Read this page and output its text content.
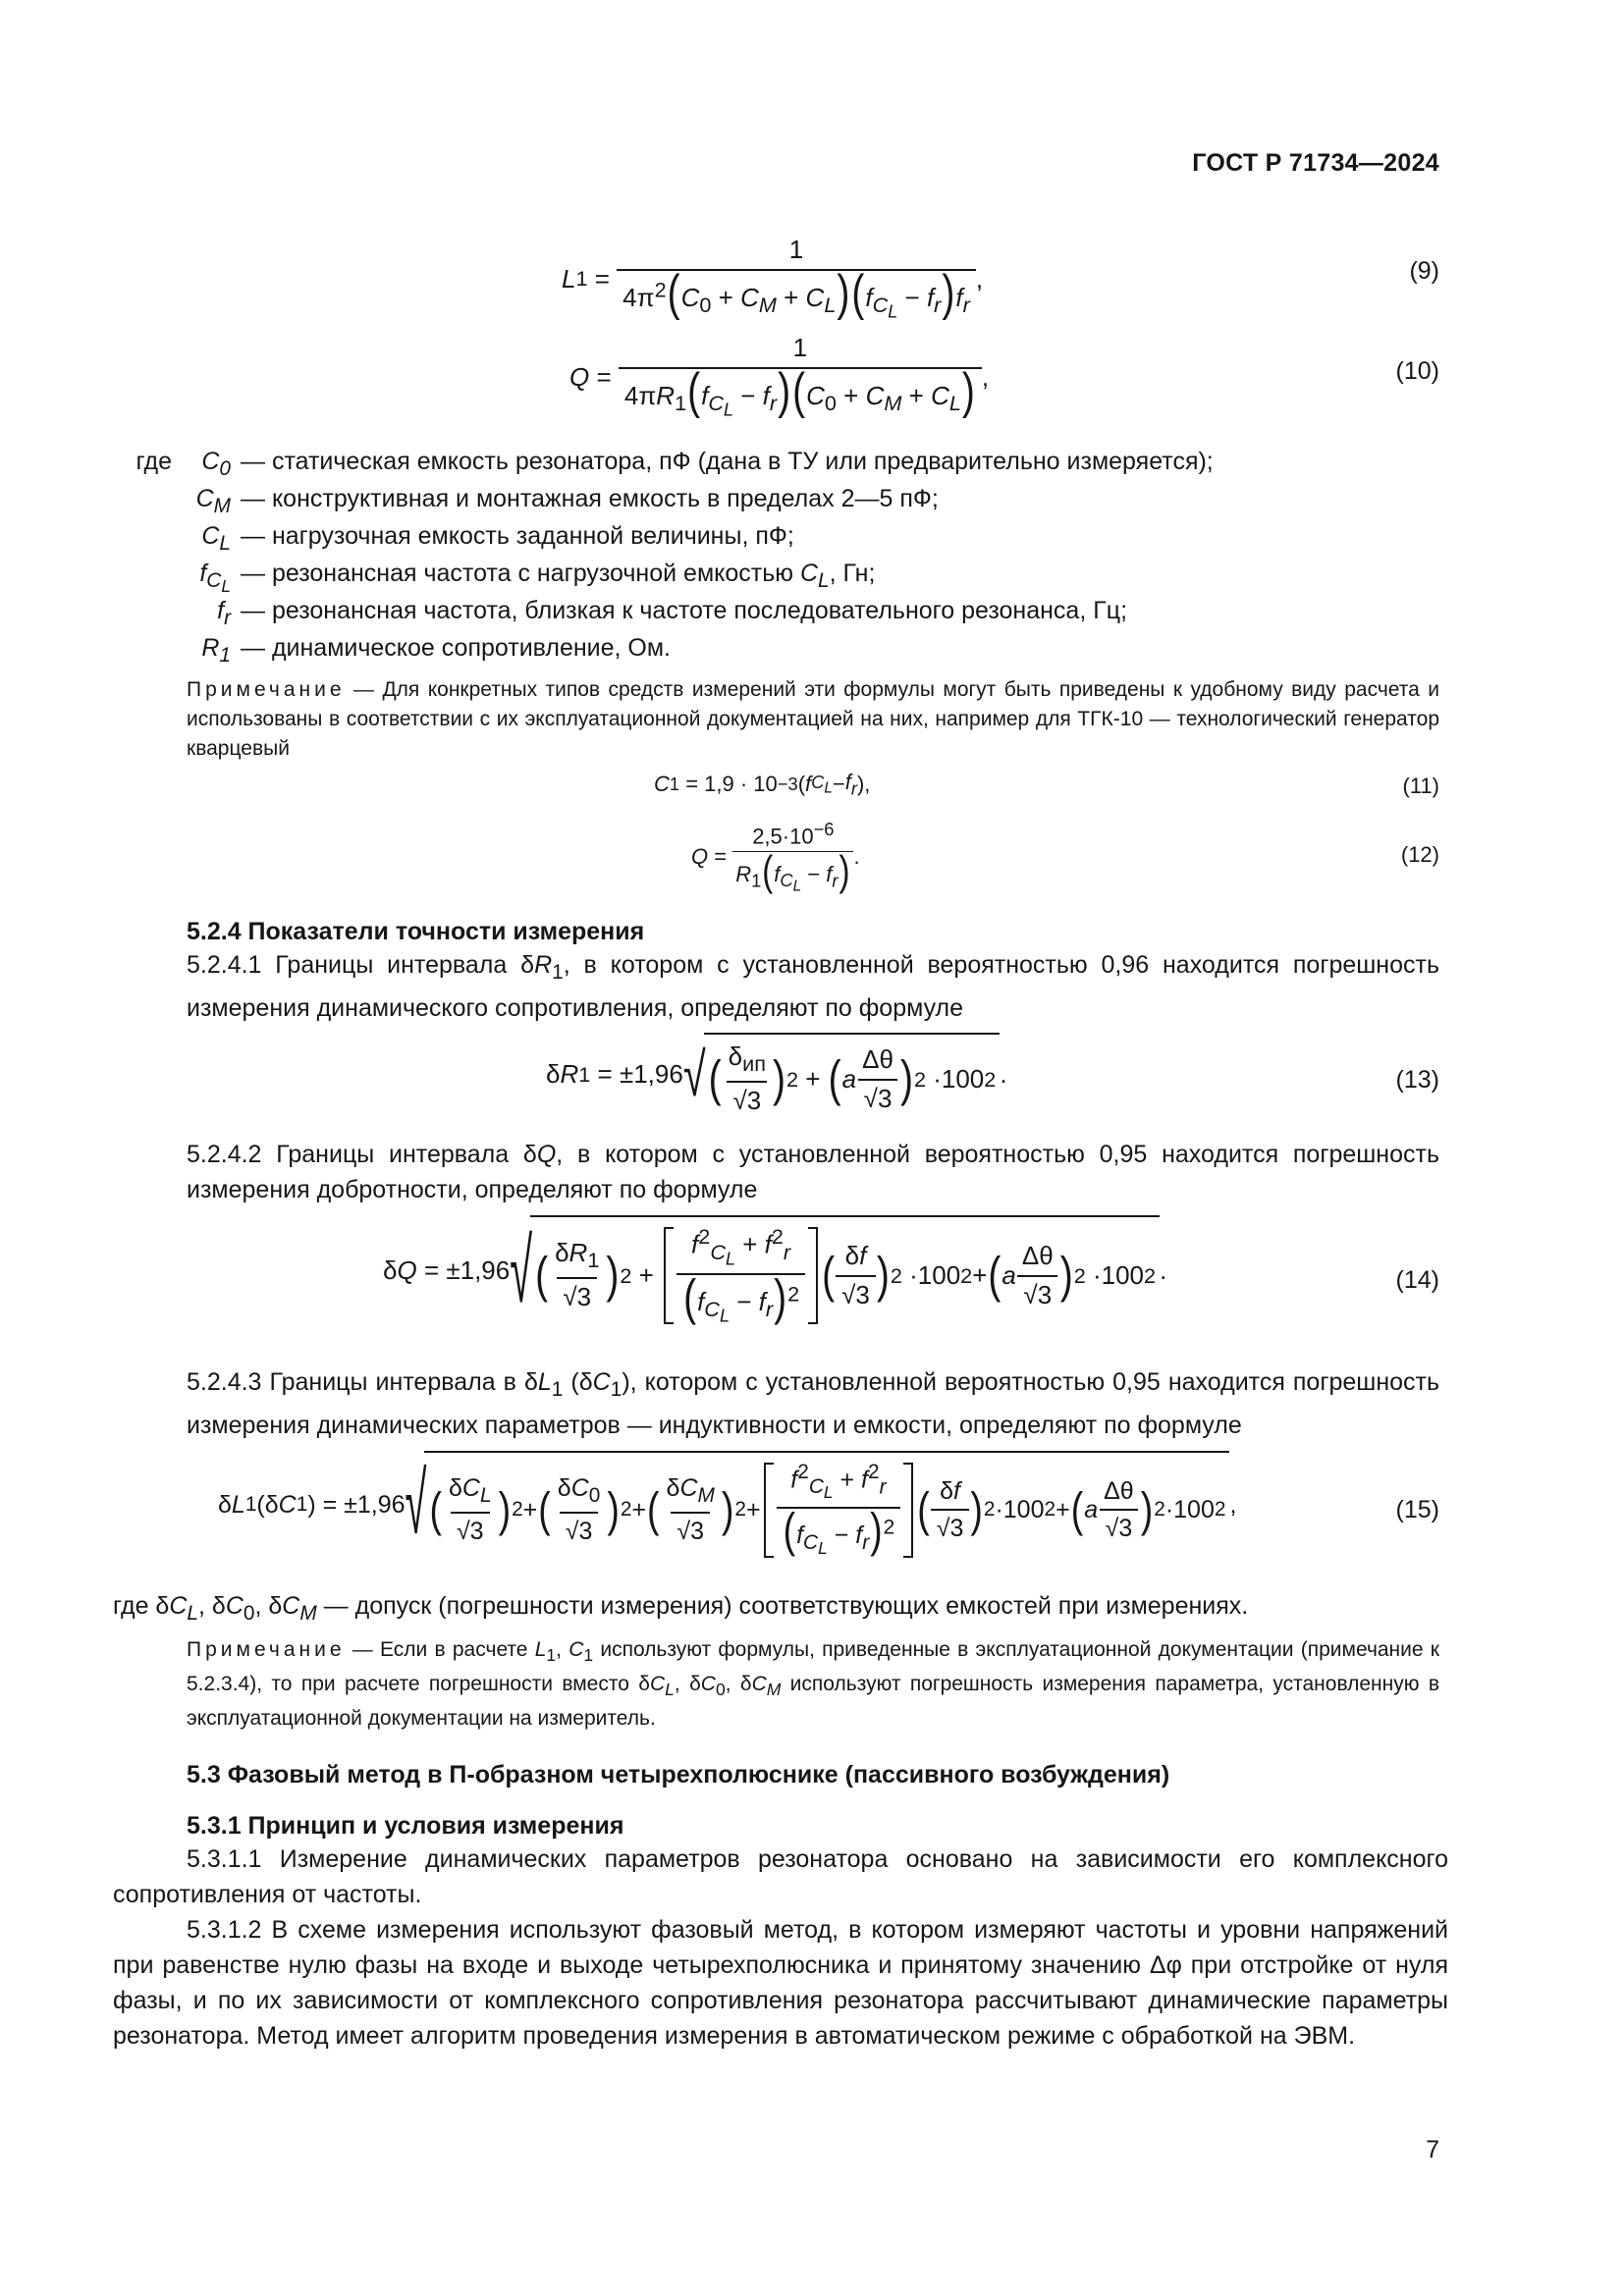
ГОСТ Р 71734—2024
L $1 = \frac{1}{4\pi^2(C_0 + C_M + C_L)(f_{C_L} - f_r)f_r}$ ,	(9)
$Q = \frac{1}{4\pi R_1(f_{C_L} - f_r)(C_0 + C_M + C_L)}$ ,	(10)
где	$C_0$ — статическая емкость резонатора, пФ (дана в ТУ или предварительно измеряется);
$C_M$ — конструктивная и монтажная емкость в пределах 2—5 пФ;
$C_L$ — нагрузочная емкость заданной величины, пФ;
$f_{C_L}$ — резонансная частота с нагрузочной емкостью
$C_L$ , Гн;
$f_r$ — резонансная частота, близкая к частоте последовательного резонанса, Гц;
$R_1$ — динамическое сопротивление, Ом.
Примечание — Для конкретных типов средств измерений эти формулы могут быть приведены к удобному виду расчета и использованы в соответствии с их эксплуатационной документацией на них, например для ТГК-10 — технологический генератор кварцевый
C 1 = 1,9 · 10 −3 ( f $C_L - f_r$ ),	(11)
$Q = \frac{2,5\cdot 10^{-6}}{R_1(f_{C_L} - f_r)}$ .	(12)
5.2.4 Показатели точности измерения
5.2.4.1 Границы интервала $\delta R_1$, в котором с установленной вероятностью 0,96 находится погрешность измерения динамического сопротивления, определяют по формуле
δ R 1 = ±1,96 √ ( $\frac{\delta_{ип}}{√3}$ ) 2 + ( a $\frac{\Delta\theta}{√3}$ ) 2 ·100 2 .	(13)
5.2.4.2 Границы интервала δQ, в котором с установленной вероятностью 0,95 находится погрешность измерения добротности, определяют по формуле
δ Q = ±1,96 √ ( $\frac{\delta R_1}{√3}$ ) $2 + \frac{f^2_{C_L} + f^2_r}{(f_{C_L} - f_r)^2}$ ( $\frac{\delta f}{√3}$ ) 2 ·100 2 + ( a $\frac{\Delta\theta}{√3}$ ) 2 ·100 2 .	(14)
5.2.4.3 Границы интервала в $\delta L_1$ $(\delta C_1)$, котором с установленной вероятностью 0,95 находится погрешность измерения динамических параметров — индуктивности и емкости, определяют по формуле
δ L 1 (δ C 1 ) = ±1,96 √ ( $\frac{\delta C_L}{√3}$ ) 2 + ( $\frac{\delta C_0}{√3}$ ) 2 + ( $\frac{\delta C_M}{√3}$ ) $2 + \frac{f^2_{C_L} + f^2_r}{(f_{C_L} - f_r)^2}$ ( $\frac{\delta f}{√3}$ ) 2 ·100 2 + ( a $\frac{\Delta\theta}{√3}$ ) 2 ·100 2 ,	(15)
где $\delta C_L$, $\delta C_0$, $\delta C_M$ — допуск (погрешности измерения) соответствующих емкостей при измерениях.
Примечание — Если в расчете $L_1$, $C_1$ используют формулы, приведенные в эксплуатационной документации (примечание к 5.2.3.4), то при расчете погрешности вместо $\delta C_L$, $\delta C_0$, $\delta C_M$ используют погрешность измерения параметра, установленную в эксплуатационной документации на измеритель.
5.3 Фазовый метод в П-образном четырехполюснике (пассивного возбуждения)
5.3.1 Принцип и условия измерения
5.3.1.1 Измерение динамических параметров резонатора основано на зависимости его комплексного сопротивления от частоты.
5.3.1.2 В схеме измерения используют фазовый метод, в котором измеряют частоты и уровни напряжений при равенстве нулю фазы на входе и выходе четырехполюсника и принятому значению Δφ при отстройке от нуля фазы, и по их зависимости от комплексного сопротивления резонатора рассчитывают динамические параметры резонатора. Метод имеет алгоритм проведения измерения в автоматическом режиме с обработкой на ЭВМ.
7
